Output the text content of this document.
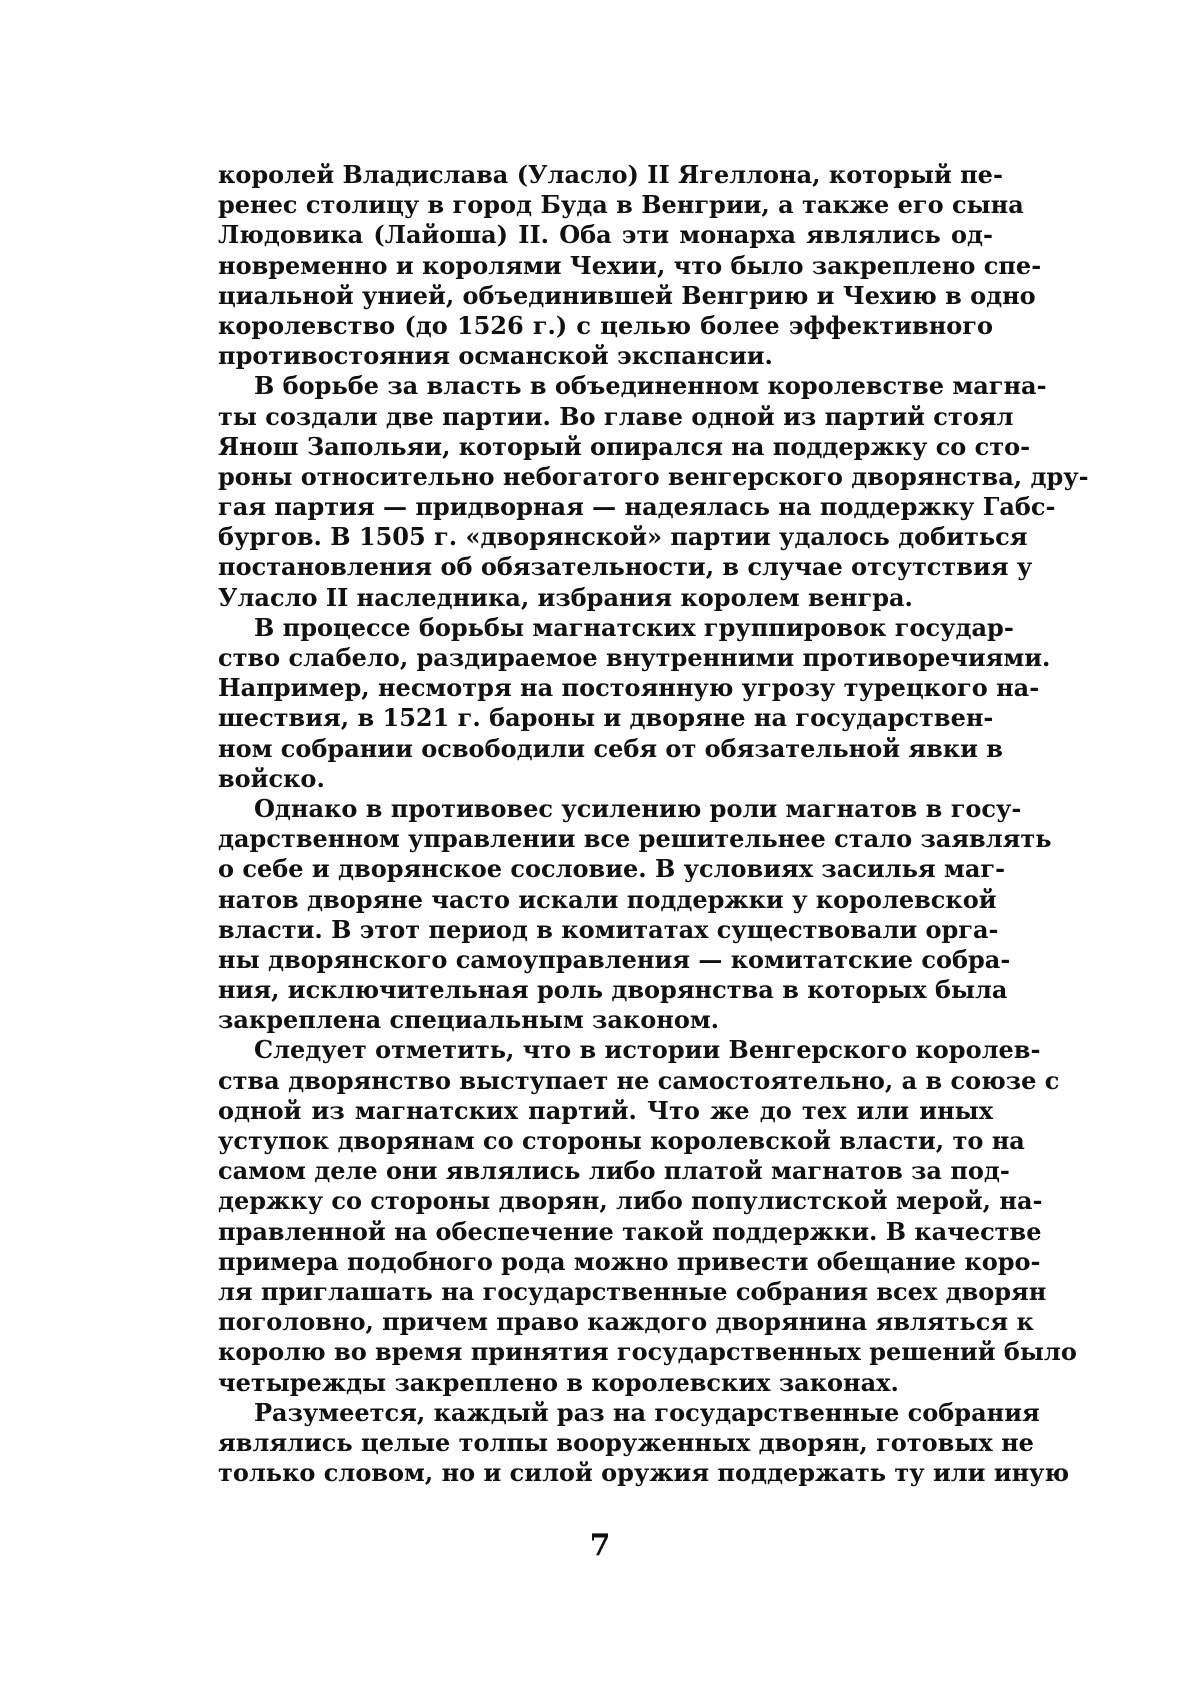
королей Владислава (Уласло) II Ягеллона, который пе-
ренес столицу в город Буда в Венгрии, а также его сына
Людовика (Лайоша) II. Оба эти монарха являлись од-
новременно и королями Чехии, что было закреплено спе-
циальной унией, объединившей Венгрию и Чехию в одно
королевство (до 1526 г.) с целью более эффективного
противостояния османской экспансии.
В борьбе за власть в объединенном королевстве магна-
ты создали две партии. Во главе одной из партий стоял
Янош Запольяи, который опирался на поддержку со сто-
роны относительно небогатого венгерского дворянства, дру-
гая партия — придворная — надеялась на поддержку Габс-
бургов. В 1505 г. «дворянской» партии удалось добиться
постановления об обязательности, в случае отсутствия у
Уласло II наследника, избрания королем венгра.
В процессе борьбы магнатских группировок государ-
ство слабело, раздираемое внутренними противоречиями.
Например, несмотря на постоянную угрозу турецкого на-
шествия, в 1521 г. бароны и дворяне на государствен-
ном собрании освободили себя от обязательной явки в
войско.
Однако в противовес усилению роли магнатов в госу-
дарственном управлении все решительнее стало заявлять
о себе и дворянское сословие. В условиях засилья маг-
натов дворяне часто искали поддержки у королевской
власти. В этот период в комитатах существовали орга-
ны дворянского самоуправления — комитатские собра-
ния, исключительная роль дворянства в которых была
закреплена специальным законом.
Следует отметить, что в истории Венгерского королев-
ства дворянство выступает не самостоятельно, а в союзе с
одной из магнатских партий. Что же до тех или иных
уступок дворянам со стороны королевской власти, то на
самом деле они являлись либо платой магнатов за под-
держку со стороны дворян, либо популистской мерой, на-
правленной на обеспечение такой поддержки. В качестве
примера подобного рода можно привести обещание коро-
ля приглашать на государственные собрания всех дворян
поголовно, причем право каждого дворянина являться к
королю во время принятия государственных решений было
четырежды закреплено в королевских законах.
Разумеется, каждый раз на государственные собрания
являлись целые толпы вооруженных дворян, готовых не
только словом, но и силой оружия поддержать ту или иную
7
